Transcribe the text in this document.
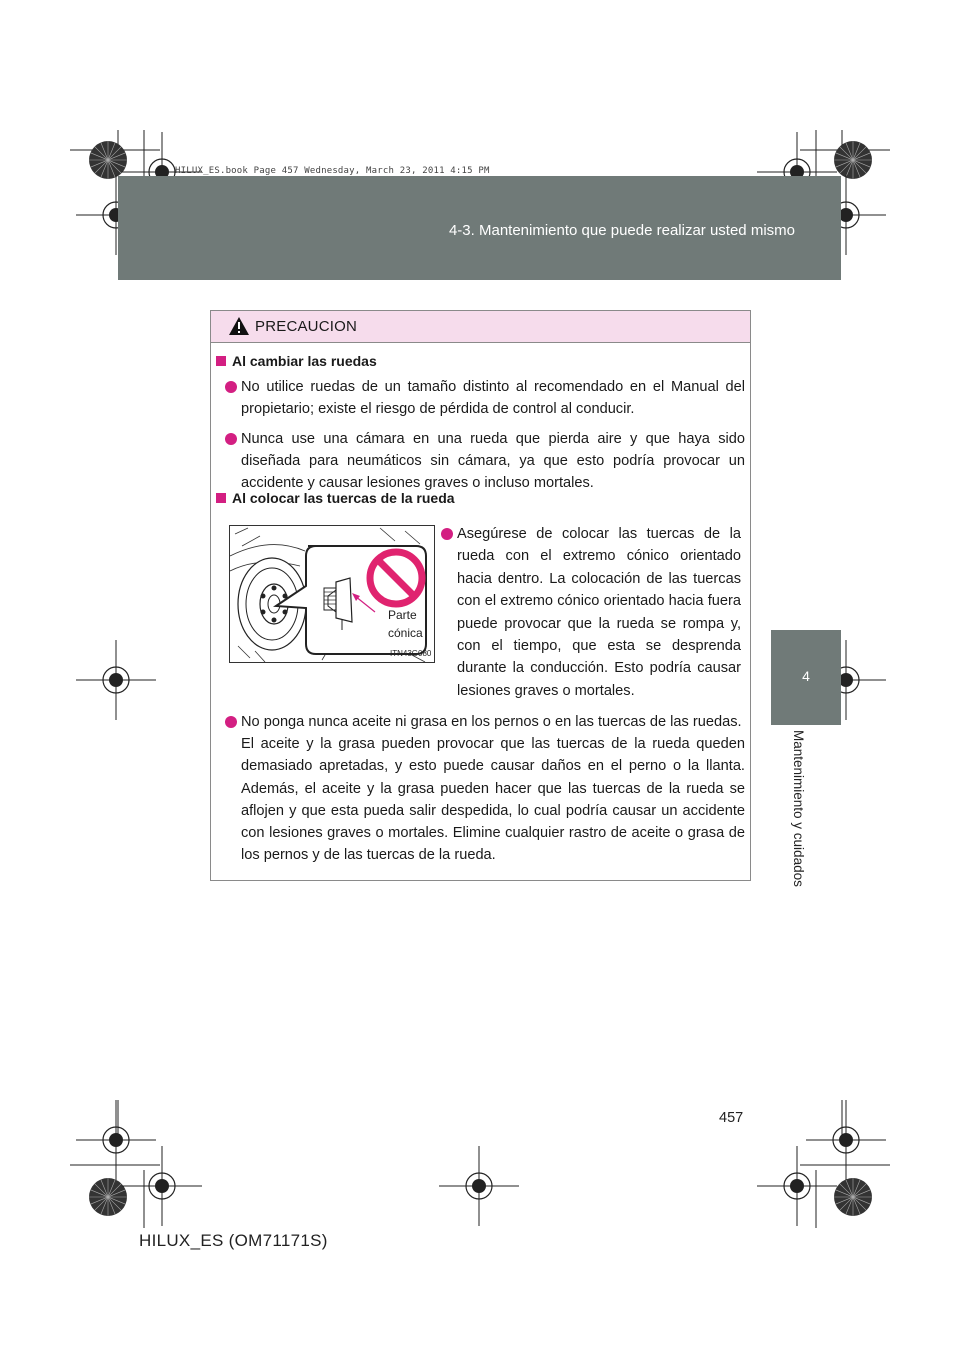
4-3. Mantenimiento que puede realizar usted mismo
HILUX_ES.book Page 457 Wednesday, March 23, 2011 4:15 PM
4
Mantenimiento y cuidados
PRECAUCION
Al cambiar las ruedas

No utilice ruedas de un tamaño distinto al recomendado en el Manual del propietario; existe el riesgo de pérdida de control al conducir.

Nunca use una cámara en una rueda que pierda aire y que haya sido diseñada para neumáticos sin cámara, ya que esto podría provocar un accidente y causar lesiones graves o incluso mortales.

Al colocar las tuercas de la rueda
Parte
cónica
ITN43G080

Asegúrese de colocar las tuercas de la rueda con el extremo cónico orientado hacia dentro. La colocación de las tuercas con el extremo cónico orientado hacia fuera puede provocar que la rueda se rompa y, con el tiempo, que esta se desprenda durante la conducción. Esto podría causar lesiones graves o mortales.

No ponga nunca aceite ni grasa en los pernos o en las tuercas de las ruedas.

El aceite y la grasa pueden provocar que las tuercas de la rueda queden demasiado apretadas, y esto puede causar daños en el perno o la llanta. Además, el aceite y la grasa pueden hacer que las tuercas de la rueda se aflojen y que esta pueda salir despedida, lo cual podría causar un accidente con lesiones graves o mortales. Elimine cualquier rastro de aceite o grasa de los pernos y de las tuercas de la rueda.

457
HILUX_ES (OM71171S)
